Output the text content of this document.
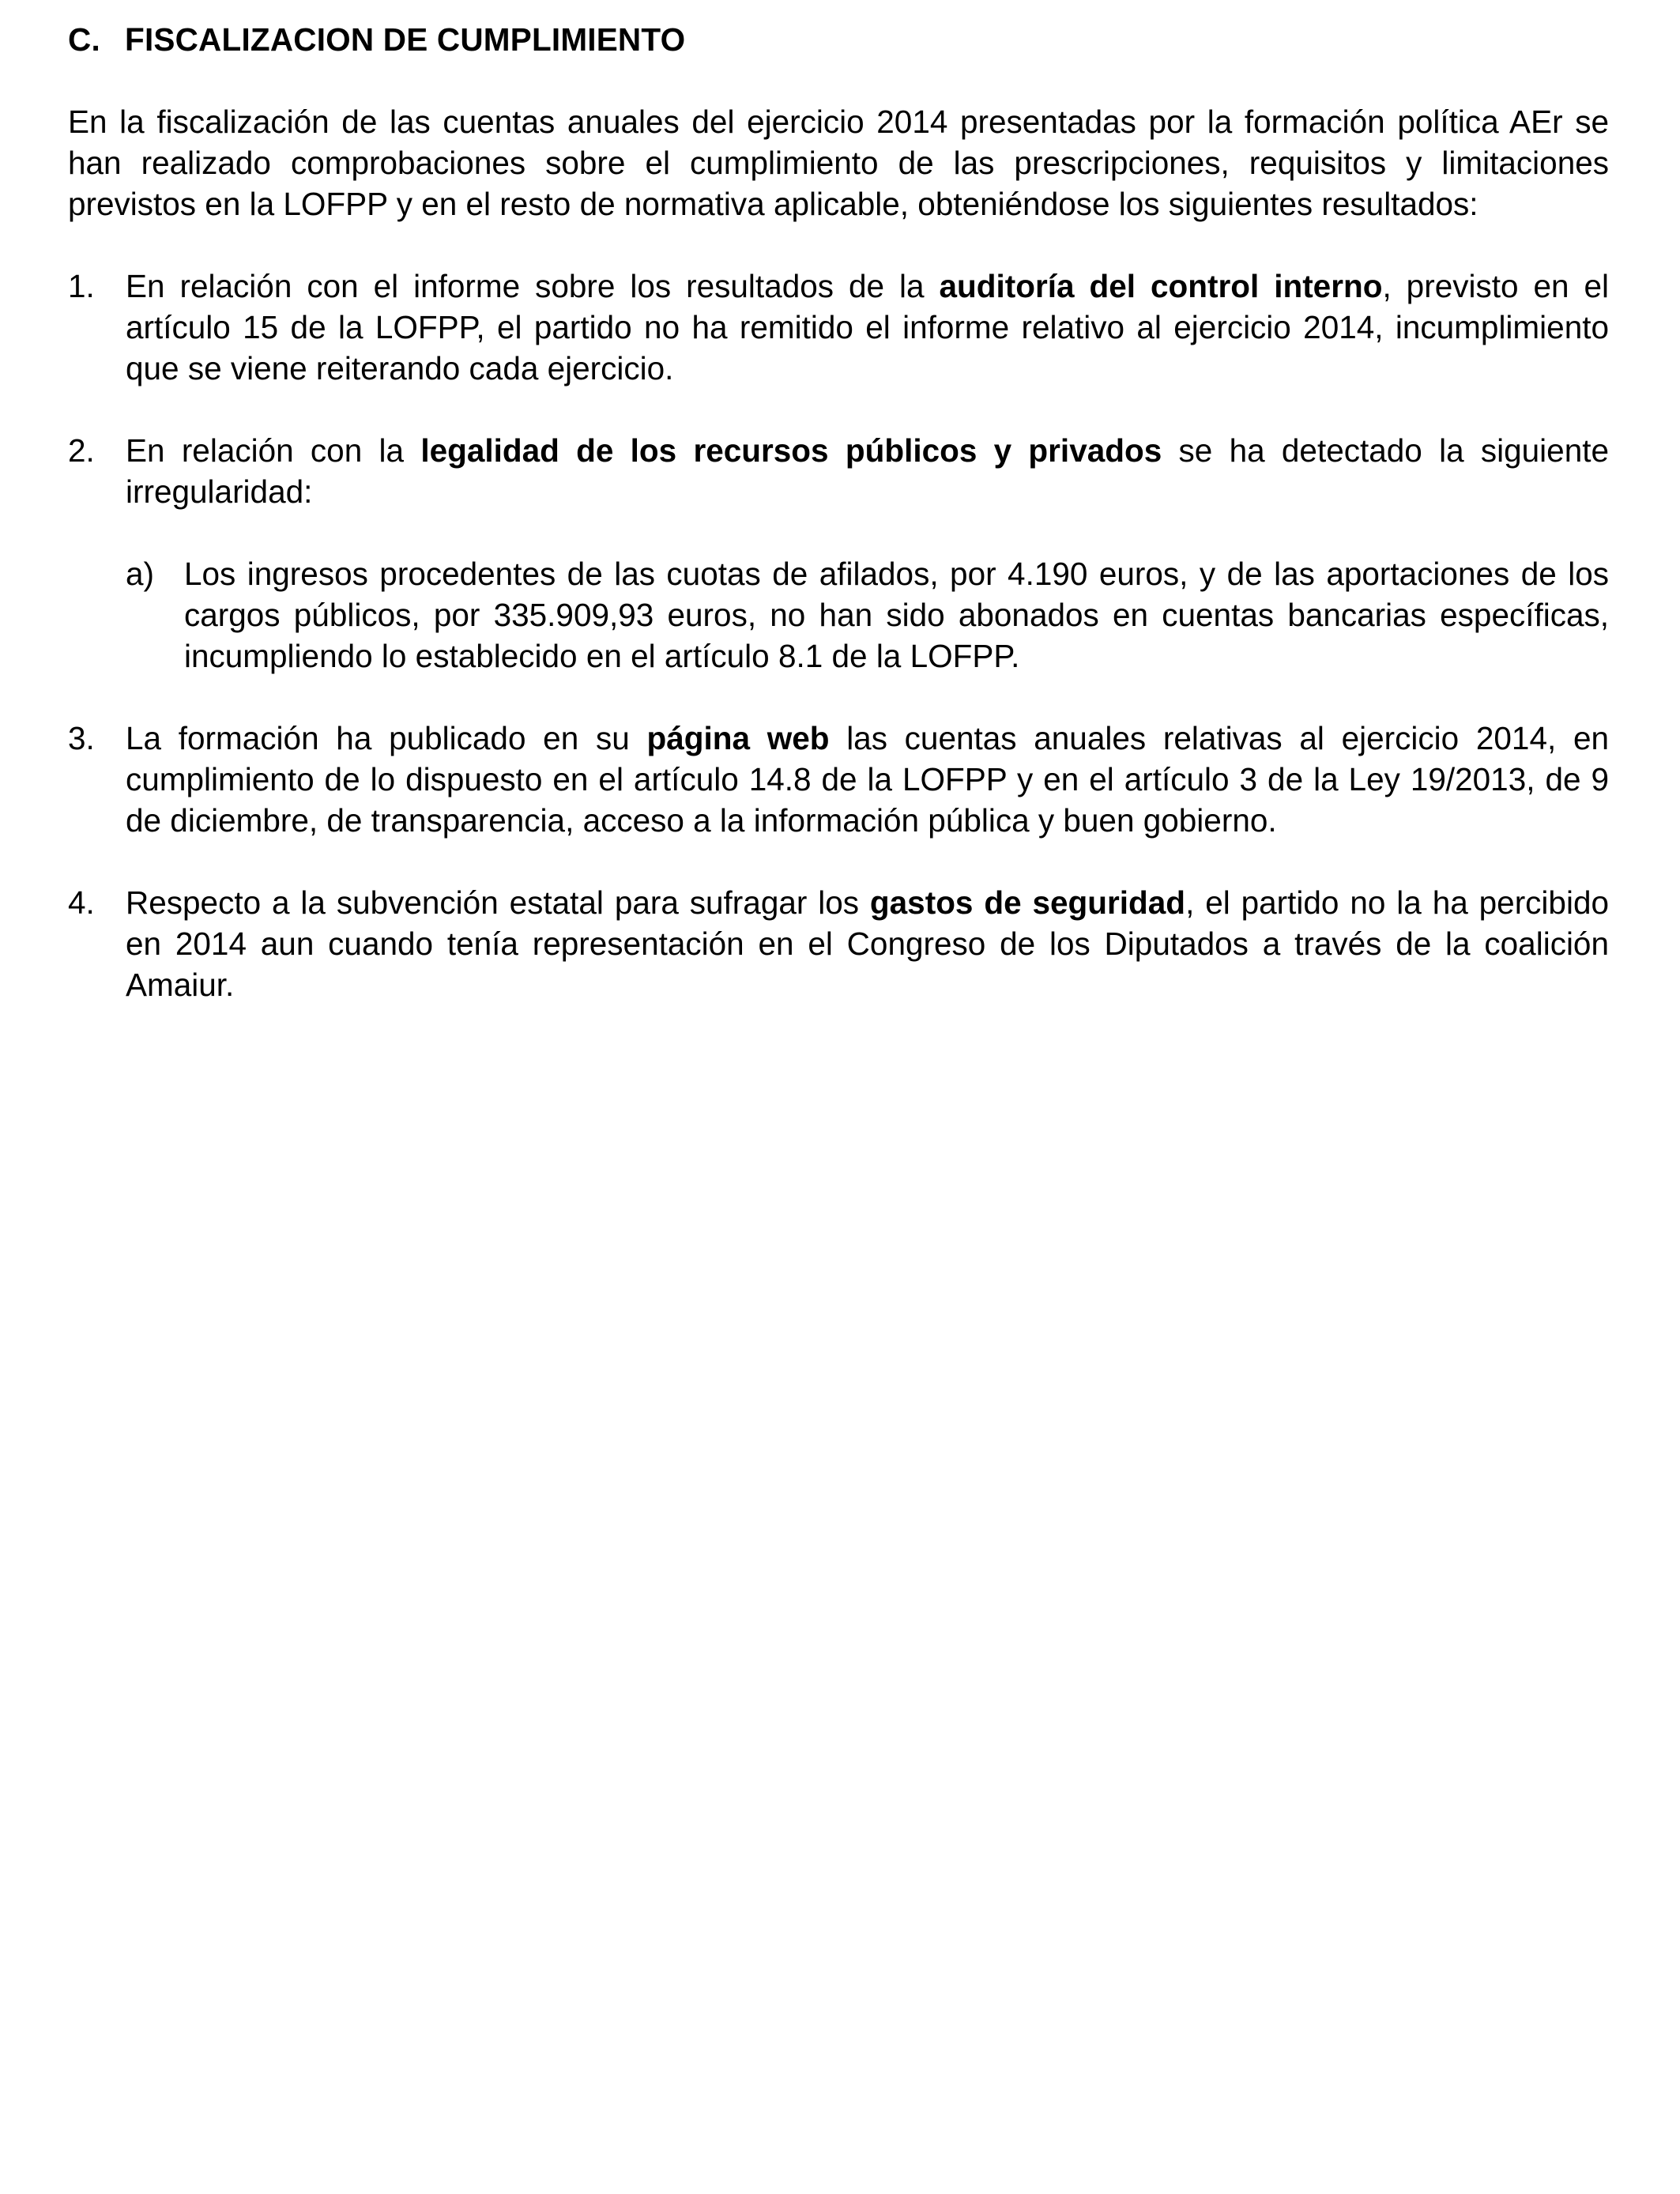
C. FISCALIZACION DE CUMPLIMIENTO

En la fiscalización de las cuentas anuales del ejercicio 2014 presentadas por la formación política AEr se han realizado comprobaciones sobre el cumplimiento de las prescripciones, requisitos y limitaciones previstos en la LOFPP y en el resto de normativa aplicable, obteniéndose los siguientes resultados:

1. En relación con el informe sobre los resultados de la auditoría del control interno, previsto en el artículo 15 de la LOFPP, el partido no ha remitido el informe relativo al ejercicio 2014, incumplimiento que se viene reiterando cada ejercicio.
2. En relación con la legalidad de los recursos públicos y privados se ha detectado la siguiente irregularidad:
a) Los ingresos procedentes de las cuotas de afilados, por 4.190 euros, y de las aportaciones de los cargos públicos, por 335.909,93 euros, no han sido abonados en cuentas bancarias específicas, incumpliendo lo establecido en el artículo 8.1 de la LOFPP.
3. La formación ha publicado en su página web las cuentas anuales relativas al ejercicio 2014, en cumplimiento de lo dispuesto en el artículo 14.8 de la LOFPP y en el artículo 3 de la Ley 19/2013, de 9 de diciembre, de transparencia, acceso a la información pública y buen gobierno.
4. Respecto a la subvención estatal para sufragar los gastos de seguridad, el partido no la ha percibido en 2014 aun cuando tenía representación en el Congreso de los Diputados a través de la coalición Amaiur.
